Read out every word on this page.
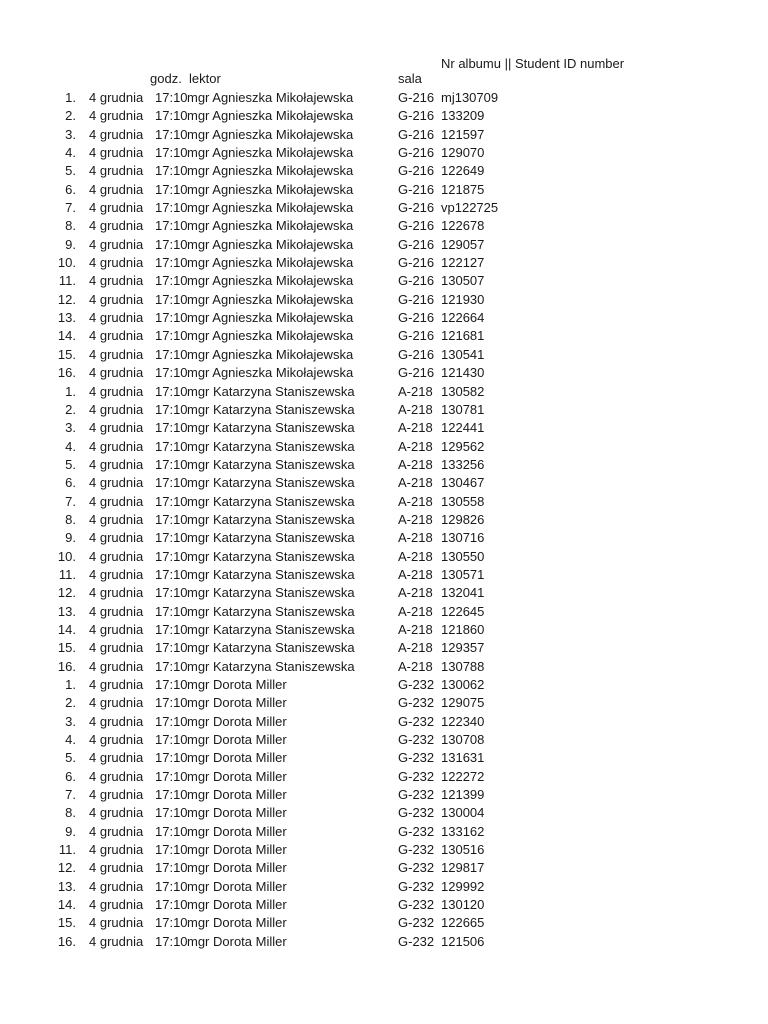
Nr albumu || Student ID number
godz. lektor	sala
1. 4 grudnia 17:10 mgr Agnieszka Mikołajewska	G-216 mj130709
2. 4 grudnia 17:10 mgr Agnieszka Mikołajewska	G-216 133209
3. 4 grudnia 17:10 mgr Agnieszka Mikołajewska	G-216 121597
4. 4 grudnia 17:10 mgr Agnieszka Mikołajewska	G-216 129070
5. 4 grudnia 17:10 mgr Agnieszka Mikołajewska	G-216 122649
6. 4 grudnia 17:10 mgr Agnieszka Mikołajewska	G-216 121875
7. 4 grudnia 17:10 mgr Agnieszka Mikołajewska	G-216 vp122725
8. 4 grudnia 17:10 mgr Agnieszka Mikołajewska	G-216 122678
9. 4 grudnia 17:10 mgr Agnieszka Mikołajewska	G-216 129057
10. 4 grudnia 17:10 mgr Agnieszka Mikołajewska	G-216 122127
11. 4 grudnia 17:10 mgr Agnieszka Mikołajewska	G-216 130507
12. 4 grudnia 17:10 mgr Agnieszka Mikołajewska	G-216 121930
13. 4 grudnia 17:10 mgr Agnieszka Mikołajewska	G-216 122664
14. 4 grudnia 17:10 mgr Agnieszka Mikołajewska	G-216 121681
15. 4 grudnia 17:10 mgr Agnieszka Mikołajewska	G-216 130541
16. 4 grudnia 17:10 mgr Agnieszka Mikołajewska	G-216 121430
1. 4 grudnia 17:10 mgr Katarzyna Staniszewska	A-218 130582
2. 4 grudnia 17:10 mgr Katarzyna Staniszewska	A-218 130781
3. 4 grudnia 17:10 mgr Katarzyna Staniszewska	A-218 122441
4. 4 grudnia 17:10 mgr Katarzyna Staniszewska	A-218 129562
5. 4 grudnia 17:10 mgr Katarzyna Staniszewska	A-218 133256
6. 4 grudnia 17:10 mgr Katarzyna Staniszewska	A-218 130467
7. 4 grudnia 17:10 mgr Katarzyna Staniszewska	A-218 130558
8. 4 grudnia 17:10 mgr Katarzyna Staniszewska	A-218 129826
9. 4 grudnia 17:10 mgr Katarzyna Staniszewska	A-218 130716
10. 4 grudnia 17:10 mgr Katarzyna Staniszewska	A-218 130550
11. 4 grudnia 17:10 mgr Katarzyna Staniszewska	A-218 130571
12. 4 grudnia 17:10 mgr Katarzyna Staniszewska	A-218 132041
13. 4 grudnia 17:10 mgr Katarzyna Staniszewska	A-218 122645
14. 4 grudnia 17:10 mgr Katarzyna Staniszewska	A-218 121860
15. 4 grudnia 17:10 mgr Katarzyna Staniszewska	A-218 129357
16. 4 grudnia 17:10 mgr Katarzyna Staniszewska	A-218 130788
1. 4 grudnia 17:10 mgr Dorota Miller	G-232 130062
2. 4 grudnia 17:10 mgr Dorota Miller	G-232 129075
3. 4 grudnia 17:10 mgr Dorota Miller	G-232 122340
4. 4 grudnia 17:10 mgr Dorota Miller	G-232 130708
5. 4 grudnia 17:10 mgr Dorota Miller	G-232 131631
6. 4 grudnia 17:10 mgr Dorota Miller	G-232 122272
7. 4 grudnia 17:10 mgr Dorota Miller	G-232 121399
8. 4 grudnia 17:10 mgr Dorota Miller	G-232 130004
9. 4 grudnia 17:10 mgr Dorota Miller	G-232 133162
11. 4 grudnia 17:10 mgr Dorota Miller	G-232 130516
12. 4 grudnia 17:10 mgr Dorota Miller	G-232 129817
13. 4 grudnia 17:10 mgr Dorota Miller	G-232 129992
14. 4 grudnia 17:10 mgr Dorota Miller	G-232 130120
15. 4 grudnia 17:10 mgr Dorota Miller	G-232 122665
16. 4 grudnia 17:10 mgr Dorota Miller	G-232 121506
